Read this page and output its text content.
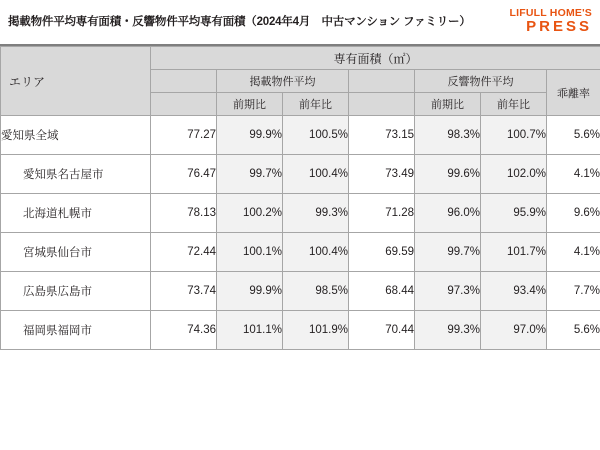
掲載物件平均専有面積・反響物件平均専有面積（2024年4月　中古マンション ファミリー）
LIFULL HOME'S
PRESS
エリア	専有面積（㎡）						
		掲載物件平均			反響物件平均		乖離率
		前期比	前年比		前期比	前年比	
愛知県全域	77.27	99.9%	100.5%	73.15	98.3%	100.7%	5.6%
愛知県名古屋市	76.47	99.7%	100.4%	73.49	99.6%	102.0%	4.1%
北海道札幌市	78.13	100.2%	99.3%	71.28	96.0%	95.9%	9.6%
宮城県仙台市	72.44	100.1%	100.4%	69.59	99.7%	101.7%	4.1%
広島県広島市	73.74	99.9%	98.5%	68.44	97.3%	93.4%	7.7%
福岡県福岡市	74.36	101.1%	101.9%	70.44	99.3%	97.0%	5.6%
